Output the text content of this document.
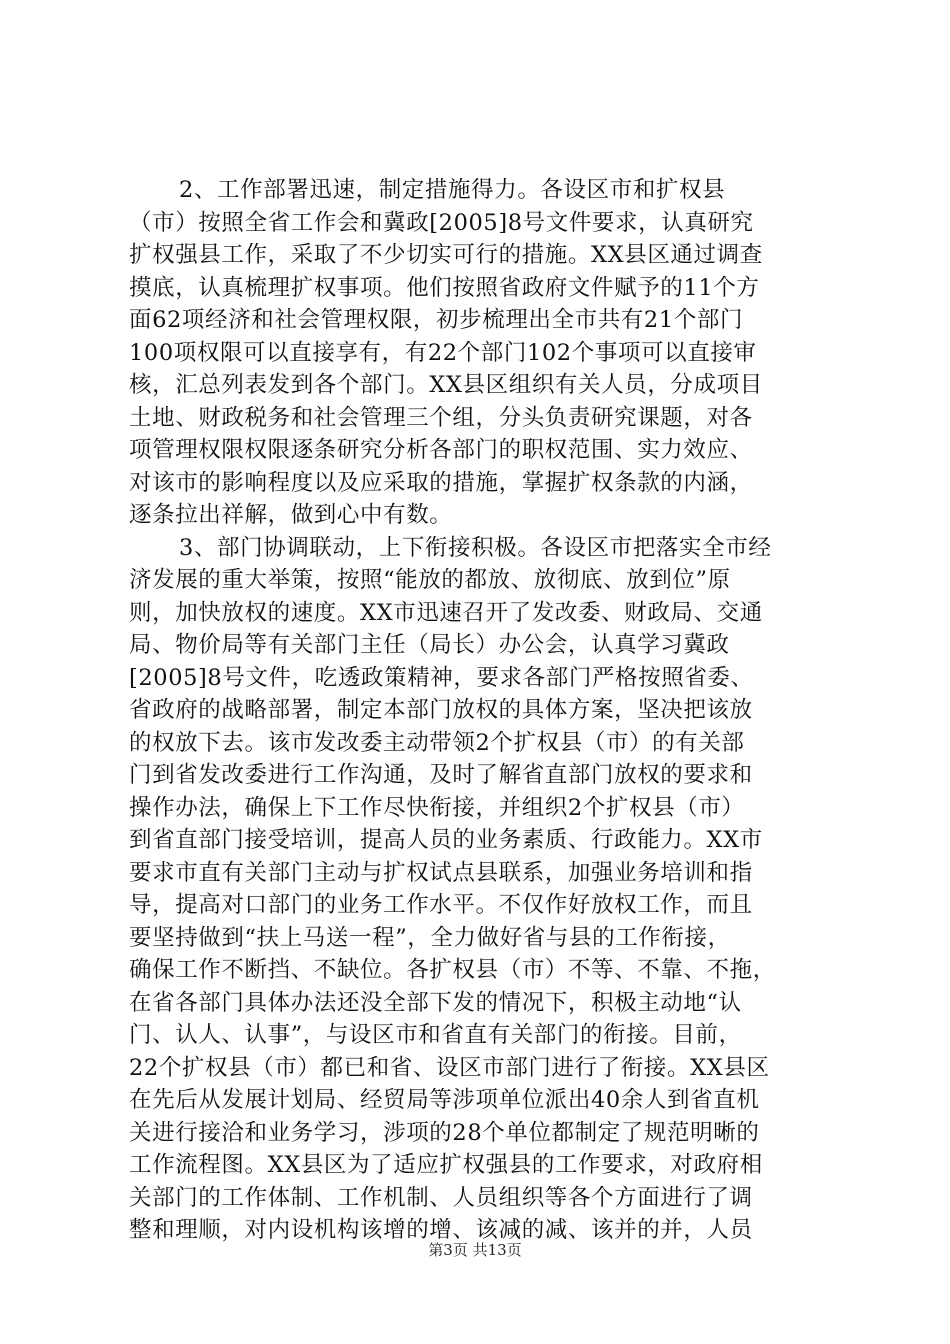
2、工作部署迅速，制定措施得力。各设区市和扩权县
（市）按照全省工作会和冀政[2005]8号文件要求，认真研究
扩权强县工作，采取了不少切实可行的措施。XX县区通过调查
摸底，认真梳理扩权事项。他们按照省政府文件赋予的11个方
面62项经济和社会管理权限，初步梳理出全市共有21个部门
100项权限可以直接享有，有22个部门102个事项可以直接审
核，汇总列表发到各个部门。XX县区组织有关人员，分成项目
土地、财政税务和社会管理三个组，分头负责研究课题，对各
项管理权限权限逐条研究分析各部门的职权范围、实力效应、
对该市的影响程度以及应采取的措施，掌握扩权条款的内涵，
逐条拉出祥解，做到心中有数。
3、部门协调联动，上下衔接积极。各设区市把落实全市经
济发展的重大举策，按照“能放的都放、放彻底、放到位”原
则，加快放权的速度。XX市迅速召开了发改委、财政局、交通
局、物价局等有关部门主任（局长）办公会，认真学习冀政
[2005]8号文件，吃透政策精神，要求各部门严格按照省委、
省政府的战略部署，制定本部门放权的具体方案，坚决把该放
的权放下去。该市发改委主动带领2个扩权县（市）的有关部
门到省发改委进行工作沟通，及时了解省直部门放权的要求和
操作办法，确保上下工作尽快衔接，并组织2个扩权县（市）
到省直部门接受培训，提高人员的业务素质、行政能力。XX市
要求市直有关部门主动与扩权试点县联系，加强业务培训和指
导，提高对口部门的业务工作水平。不仅作好放权工作，而且
要坚持做到“扶上马送一程”，全力做好省与县的工作衔接，
确保工作不断挡、不缺位。各扩权县（市）不等、不靠、不拖，
在省各部门具体办法还没全部下发的情况下，积极主动地“认
门、认人、认事”，与设区市和省直有关部门的衔接。目前，
22个扩权县（市）都已和省、设区市部门进行了衔接。XX县区
在先后从发展计划局、经贸局等涉项单位派出40余人到省直机
关进行接洽和业务学习，涉项的28个单位都制定了规范明晰的
工作流程图。XX县区为了适应扩权强县的工作要求，对政府相
关部门的工作体制、工作机制、人员组织等各个方面进行了调
整和理顺，对内设机构该增的增、该减的减、该并的并，人员
第3页 共13页
